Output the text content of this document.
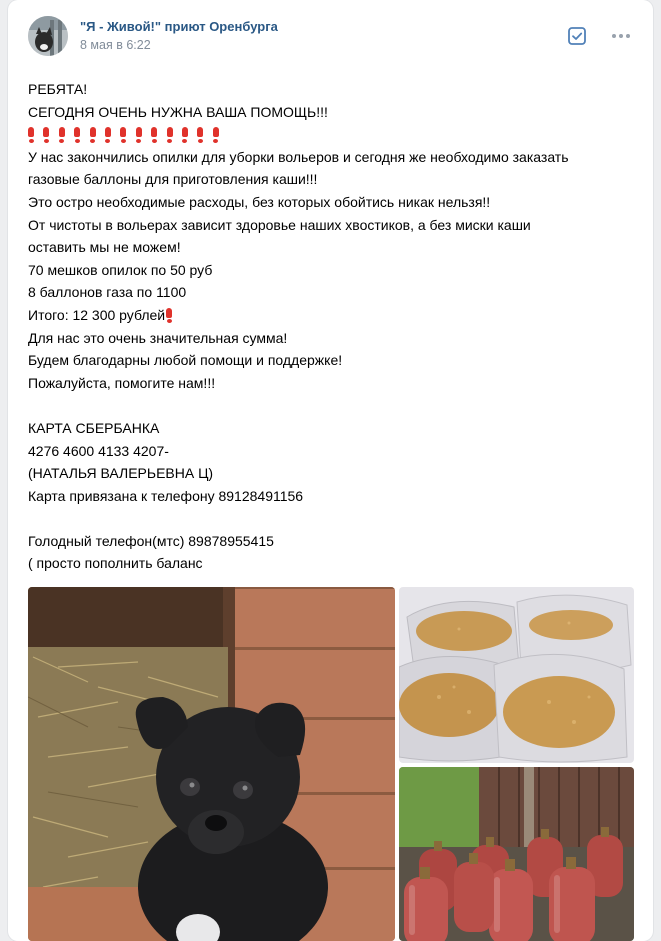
"Я - Живой!" приют Оренбурга
8 мая в 6:22
РЕБЯТА!
СЕГОДНЯ ОЧЕНЬ НУЖНА ВАША ПОМОЩЬ!!!
У нас закончились опилки для уборки вольеров и сегодня же необходимо заказать
газовые баллоны для приготовления каши!!!
Это остро необходимые расходы, без которых обойтись никак нельзя!!
От чистоты в вольерах зависит здоровье наших хвостиков, а без миски каши
оставить мы не можем!
70 мешков опилок по 50 руб
8 баллонов газа по 1100
Итого: 12 300 рублей
Для нас это очень значительная сумма!
Будем благодарны любой помощи и поддержке!
Пожалуйста, помогите нам!!!
КАРТА СБЕРБАНКА
4276 4600 4133 4207-
(НАТАЛЬЯ ВАЛЕРЬЕВНА Ц)
Карта привязана к телефону 89128491156
Голодный телефон(мтс) 89878955415
( просто пополнить баланс
